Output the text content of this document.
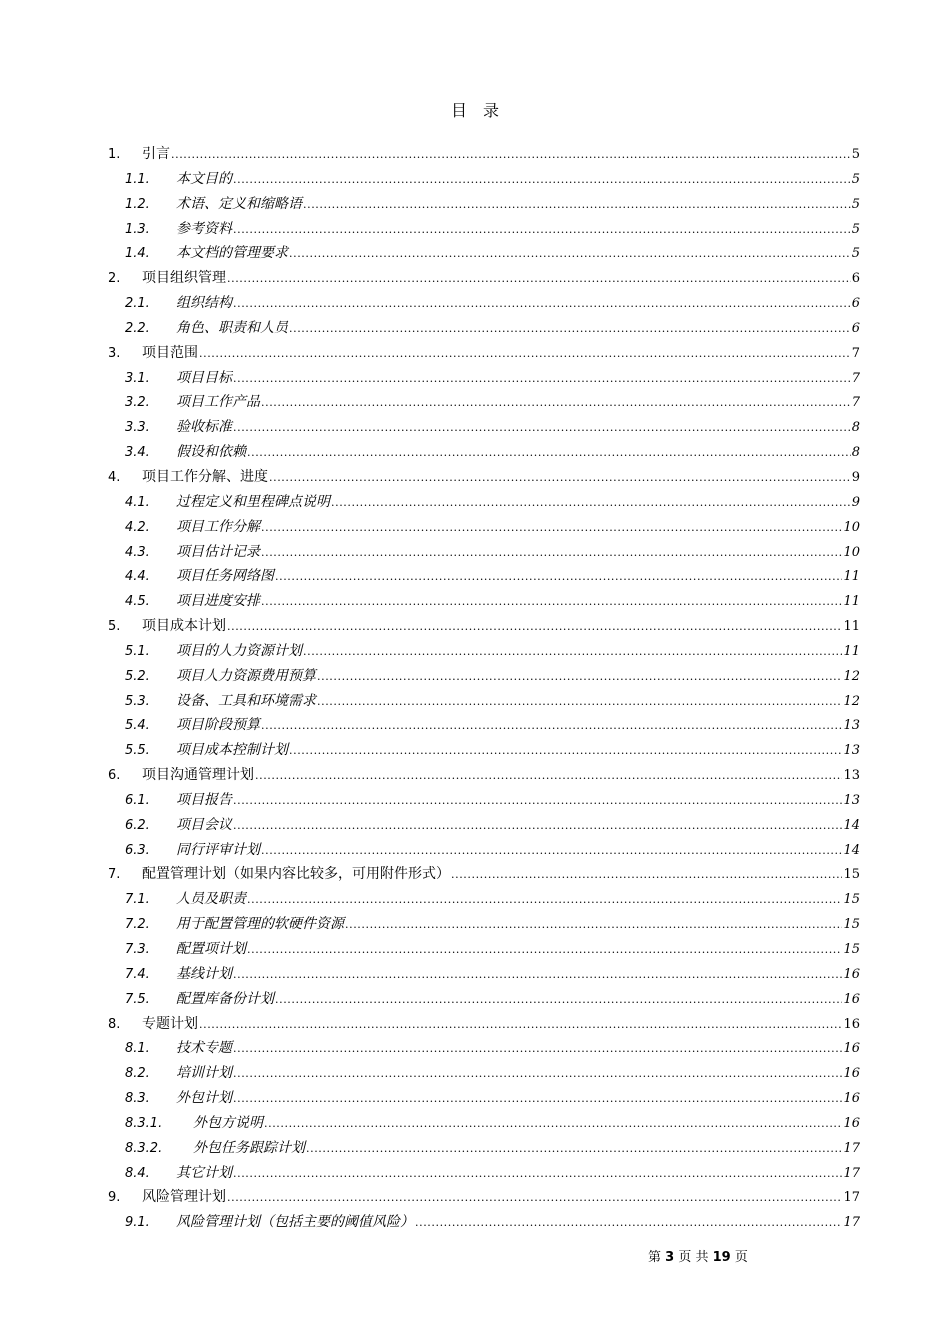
目　录
1.	引言 .....	5
1.1.	本文目的 .....	5
1.2.	术语、定义和缩略语 .....	5
1.3.	参考资料 .....	5
1.4.	本文档的管理要求 .....	5
2.	项目组织管理 .....	6
2.1.	组织结构 .....	6
2.2.	角色、职责和人员 .....	6
3.	项目范围 .....	7
3.1.	项目目标 .....	7
3.2.	项目工作产品 .....	7
3.3.	验收标准 .....	8
3.4.	假设和依赖 .....	8
4.	项目工作分解、进度 .....	9
4.1.	过程定义和里程碑点说明 .....	9
4.2.	项目工作分解 .....	10
4.3.	项目估计记录 .....	10
4.4.	项目任务网络图 .....	11
4.5.	项目进度安排 .....	11
5.	项目成本计划 .....	11
5.1.	项目的人力资源计划 .....	11
5.2.	项目人力资源费用预算 .....	12
5.3.	设备、工具和环境需求 .....	12
5.4.	项目阶段预算 .....	13
5.5.	项目成本控制计划 .....	13
6.	项目沟通管理计划 .....	13
6.1.	项目报告 .....	13
6.2.	项目会议 .....	14
6.3.	同行评审计划 .....	14
7.	配置管理计划（如果内容比较多，可用附件形式） .....	15
7.1.	人员及职责 .....	15
7.2.	用于配置管理的软硬件资源 .....	15
7.3.	配置项计划 .....	15
7.4.	基线计划 .....	16
7.5.	配置库备份计划 .....	16
8.	专题计划 .....	16
8.1.	技术专题 .....	16
8.2.	培训计划 .....	16
8.3.	外包计划 .....	16
8.3.1.	外包方说明 .....	16
8.3.2.	外包任务跟踪计划 .....	17
8.4.	其它计划 .....	17
9.	风险管理计划 .....	17
9.1.	风险管理计划（包括主要的阈值风险） .....	17
第 3 页 共 19 页
